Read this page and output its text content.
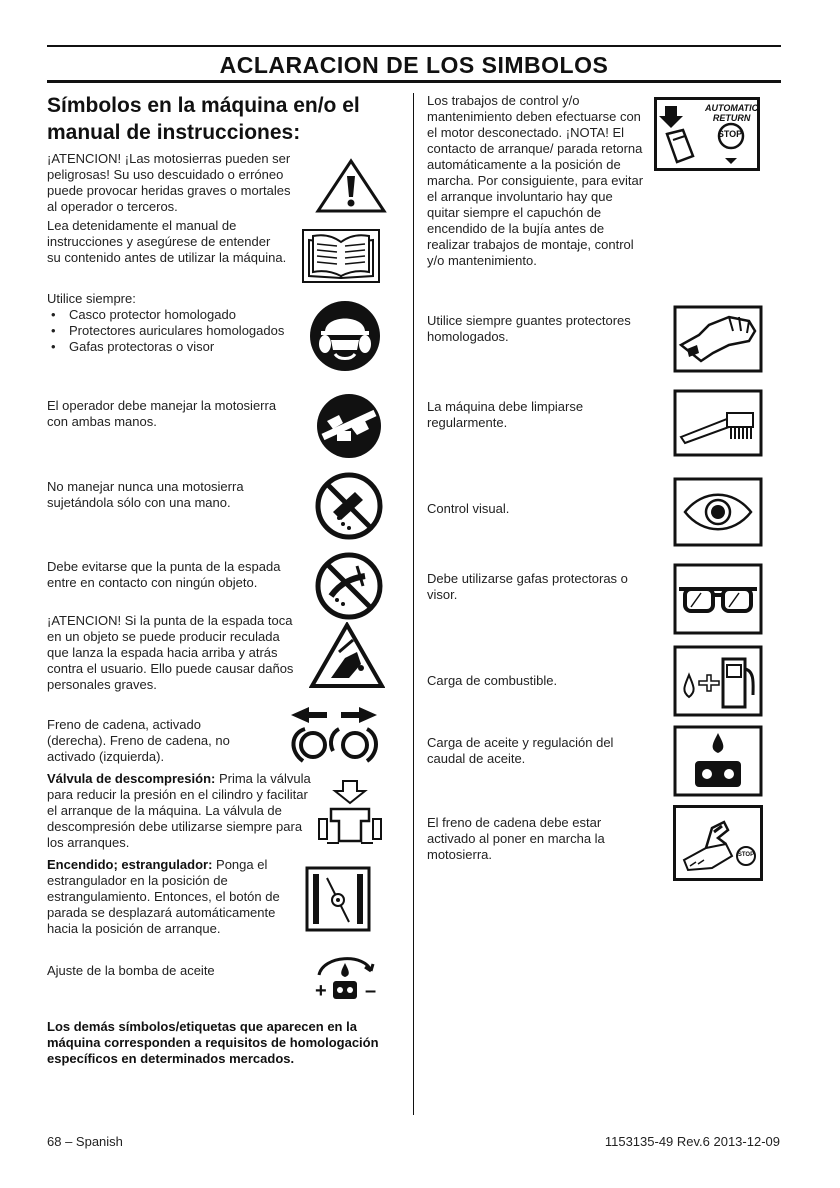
ACLARACION DE LOS SIMBOLOS
Símbolos en la máquina en/o el
manual de instrucciones:
¡ATENCION! ¡Las motosierras pueden ser peligrosas! Su uso descuidado o erróneo puede provocar heridas graves o mortales al operador o terceros.
Lea detenidamente el manual de instrucciones y asegúrese de entender su contenido antes de utilizar la máquina.
Utilice siempre:
• Casco protector homologado
• Protectores auriculares homologados
• Gafas protectoras o visor
El operador debe manejar la motosierra con ambas manos.
No manejar nunca una motosierra sujetándola sólo con una mano.
Debe evitarse que la punta de la espada entre en contacto con ningún objeto.
¡ATENCION! Si la punta de la espada toca en un objeto se puede producir reculada que lanza la espada hacia arriba y atrás contra el usuario. Ello puede causar daños personales graves.
Freno de cadena, activado (derecha). Freno de cadena, no activado (izquierda).
Válvula de descompresión: Prima la válvula para reducir la presión en el cilindro y facilitar el arranque de la máquina. La válvula de descompresión debe utilizarse siempre para los arranques.
Encendido; estrangulador: Ponga el estrangulador en la posición de estrangulamiento. Entonces, el botón de parada se desplazará automáticamente hacia la posición de arranque.
Ajuste de la bomba de aceite
Los demás símbolos/etiquetas que aparecen en la máquina corresponden a requisitos de homologación específicos en determinados mercados.
+ –
Los trabajos de control y/o mantenimiento deben efectuarse con el motor desconectado. ¡NOTA! El contacto de arranque/ parada retorna automáticamente a la posición de marcha. Por consiguiente, para evitar el arranque involuntario hay que quitar siempre el capuchón de encendido de la bujía antes de realizar trabajos de montaje, control y/o mantenimiento.
Utilice siempre guantes protectores homologados.
La máquina debe limpiarse regularmente.
Control visual.
Debe utilizarse gafas protectoras o visor.
Carga de combustible.
Carga de aceite y regulación del caudal de aceite.
El freno de cadena debe estar activado al poner en marcha la motosierra.
AUTOMATIC
RETURN
STOP
STOP
68 – Spanish	1153135-49 Rev.6 2013-12-09
